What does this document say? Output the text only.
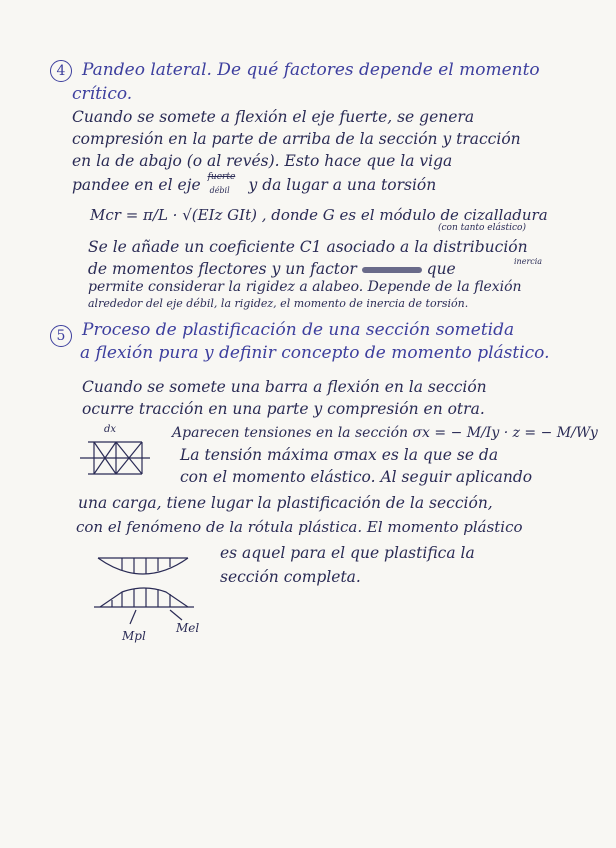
4 Pandeo lateral. De qué factores depende el momento
crítico.
Cuando se somete a flexión el eje fuerte, se genera
compresión en la parte de arriba de la sección y tracción
en la de abajo (o al revés). Esto hace que la viga
pandee en el eje fuerte
débil y da lugar a una torsión
Mcr = π/L · √(EIz GIt) , donde G es el módulo de cizalladura
(con tanto elástico)
Se le añade un coeficiente C1 asociado a la distribución
de momentos flectores y un factor	que	inercia
permite considerar la rigidez a alabeo. Depende de la flexión
alrededor del eje débil, la rigidez, el momento de inercia de torsión.
5 Proceso de plastificación de una sección sometida
a flexión pura y definir concepto de momento plástico.
Cuando se somete una barra a flexión en la sección
ocurre tracción en una parte y compresión en otra.
dx	Aparecen tensiones en la sección σx = − M/Iy · z = − M/Wy
La tensión máxima σmax es la que se da
con el momento elástico. Al seguir aplicando
una carga, tiene lugar la plastificación de la sección,
con el fenómeno de la rótula plástica. El momento plástico
es aquel para el que plastifica la
sección completa.
Mpl
Mel
